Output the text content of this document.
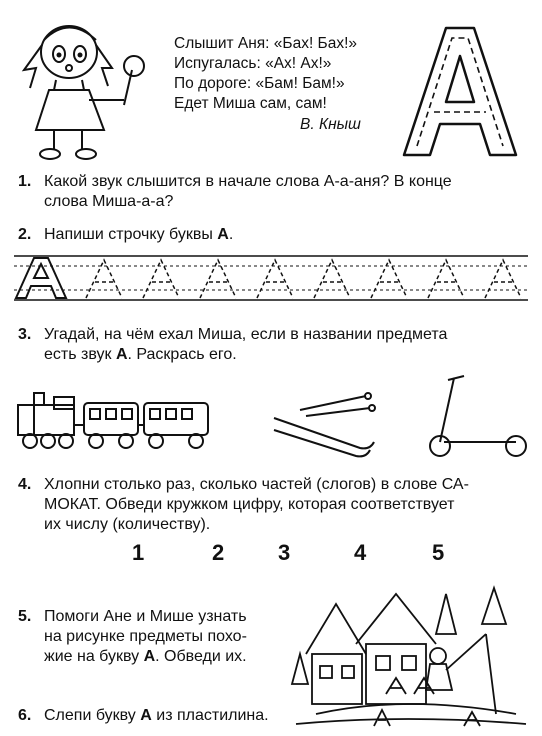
Слышит Аня: «Бах! Бах!»
Испугалась: «Ах! Ах!»
По дороге: «Бам! Бам!»
Едет Миша сам, сам!
В. Кныш
1. Какой звук слышится в начале слова А-а-аня? В конце
слова Миша-а-а?
2. Напиши строчку буквы А.
3. Угадай, на чём ехал Миша, если в названии предмета
есть звук А. Раскрась его.
4. Хлопни столько раз, сколько частей (слогов) в слове СА-
МОКАТ. Обведи кружком цифру, которая соответствует
их числу (количеству).
1	2 3	4	5
5. Помоги Ане и Мише узнать
на рисунке предметы похо-
жие на букву А. Обведи их.
6. Слепи букву А из пластилина.
